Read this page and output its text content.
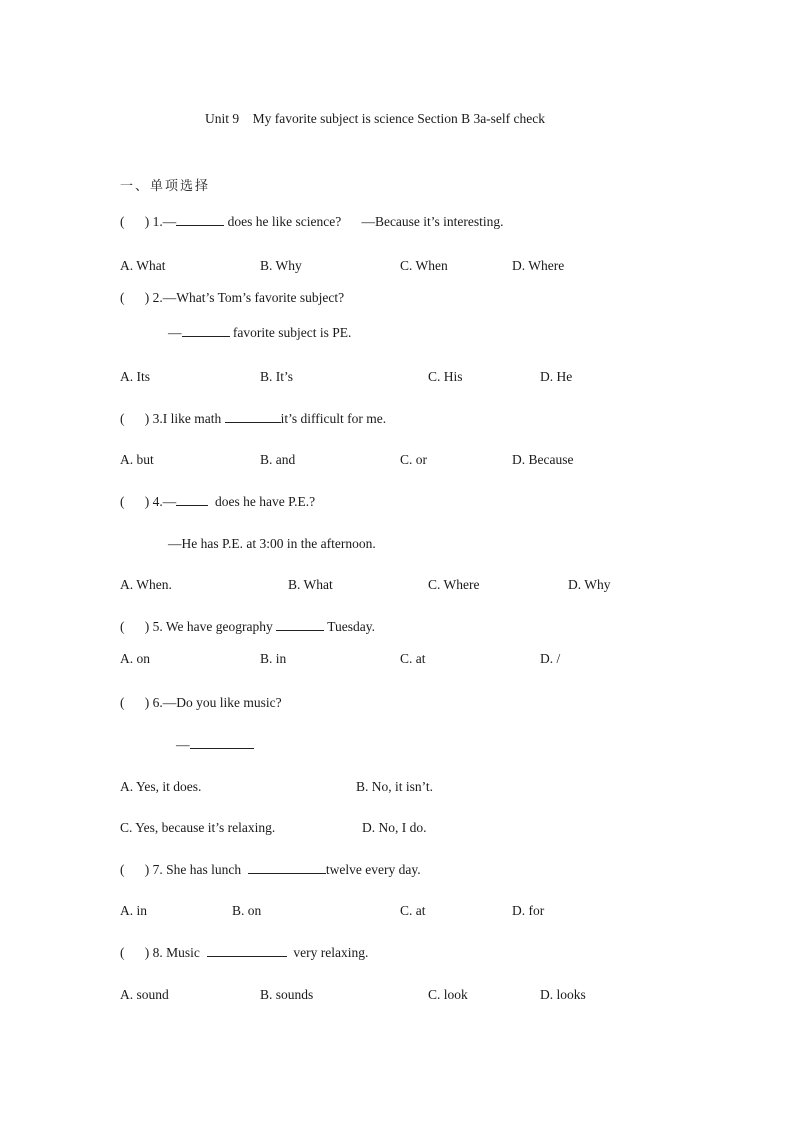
Unit 9    My favorite subject is science Section B 3a-self check
一、单项选择
(      ) 1.—	does he like science?      —Because it’s interesting.
A. What	B. Why	C. When	D. Where
(      ) 2.—What’s Tom’s favorite subject?
—	favorite subject is PE.
A. Its	B. It’s	C. His	D. He
(      ) 3.I like math	it’s difficult for me.
A. but	B. and	C. or	D. Because
(      ) 4.—  does he have P.E.?
—He has P.E. at 3:00 in the afternoon.
A. When.	B. What	C. Where	D. Why
(      ) 5. We have geography	Tuesday.
A. on	B. in	C. at	D. /
(      ) 6.—Do you like music?
—
A. Yes, it does.	B. No, it isn’t.
C. Yes, because it’s relaxing.	D. No, I do.
(      ) 7. She has lunch	twelve every day.
A. in	B. on	C. at	D. for
(      ) 8. Music	very relaxing.
A. sound	B. sounds	C. look	D. looks
